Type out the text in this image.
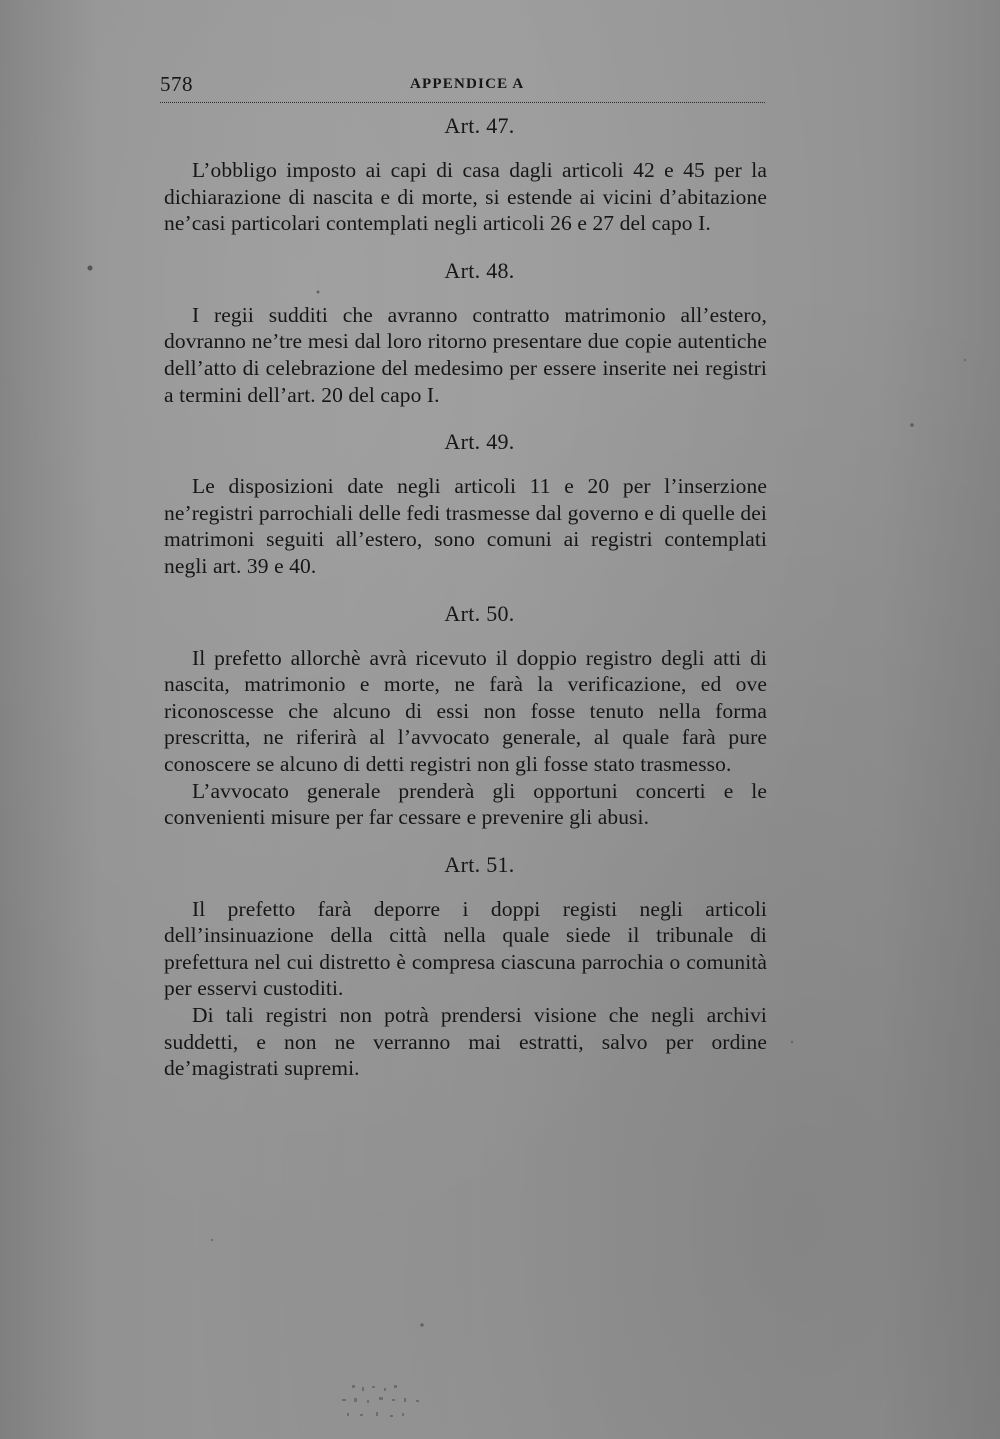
578	APPENDICE A
Art. 47.

L’obbligo imposto ai capi di casa dagli articoli 42 e 45 per la dichiarazione di nascita e di morte, si estende ai vicini d’abitazione ne’casi particolari contemplati negli articoli 26 e 27 del capo I.

Art. 48.

I regii sudditi che avranno contratto matrimonio all’estero, dovranno ne’tre mesi dal loro ritorno presentare due copie autentiche dell’atto di celebrazione del medesimo per essere inserite nei registri a termini dell’art. 20 del capo I.

Art. 49.

Le disposizioni date negli articoli 11 e 20 per l’inserzione ne’registri parrochiali delle fedi trasmesse dal governo e di quelle dei matrimoni seguiti all’estero, sono comuni ai registri contemplati negli art. 39 e 40.

Art. 50.

Il prefetto allorchè avrà ricevuto il doppio registro degli atti di nascita, matrimonio e morte, ne farà la verificazione, ed ove riconoscesse che alcuno di essi non fosse tenuto nella forma prescritta, ne riferirà al l’avvocato generale, al quale farà pure conoscere se alcuno di detti registri non gli fosse stato trasmesso.

L’avvocato generale prenderà gli opportuni concerti e le convenienti misure per far cessare e prevenire gli abusi.

Art. 51.

Il prefetto farà deporre i doppi registi negli articoli dell’insinuazione della città nella quale siede il tribunale di prefettura nel cui distretto è compresa ciascuna parrochia o comunità per esservi custoditi.

Di tali registri non potrà prendersi visione che negli archivi suddetti, e non ne verranno mai estratti, salvo per ordine de’magistrati supremi.
